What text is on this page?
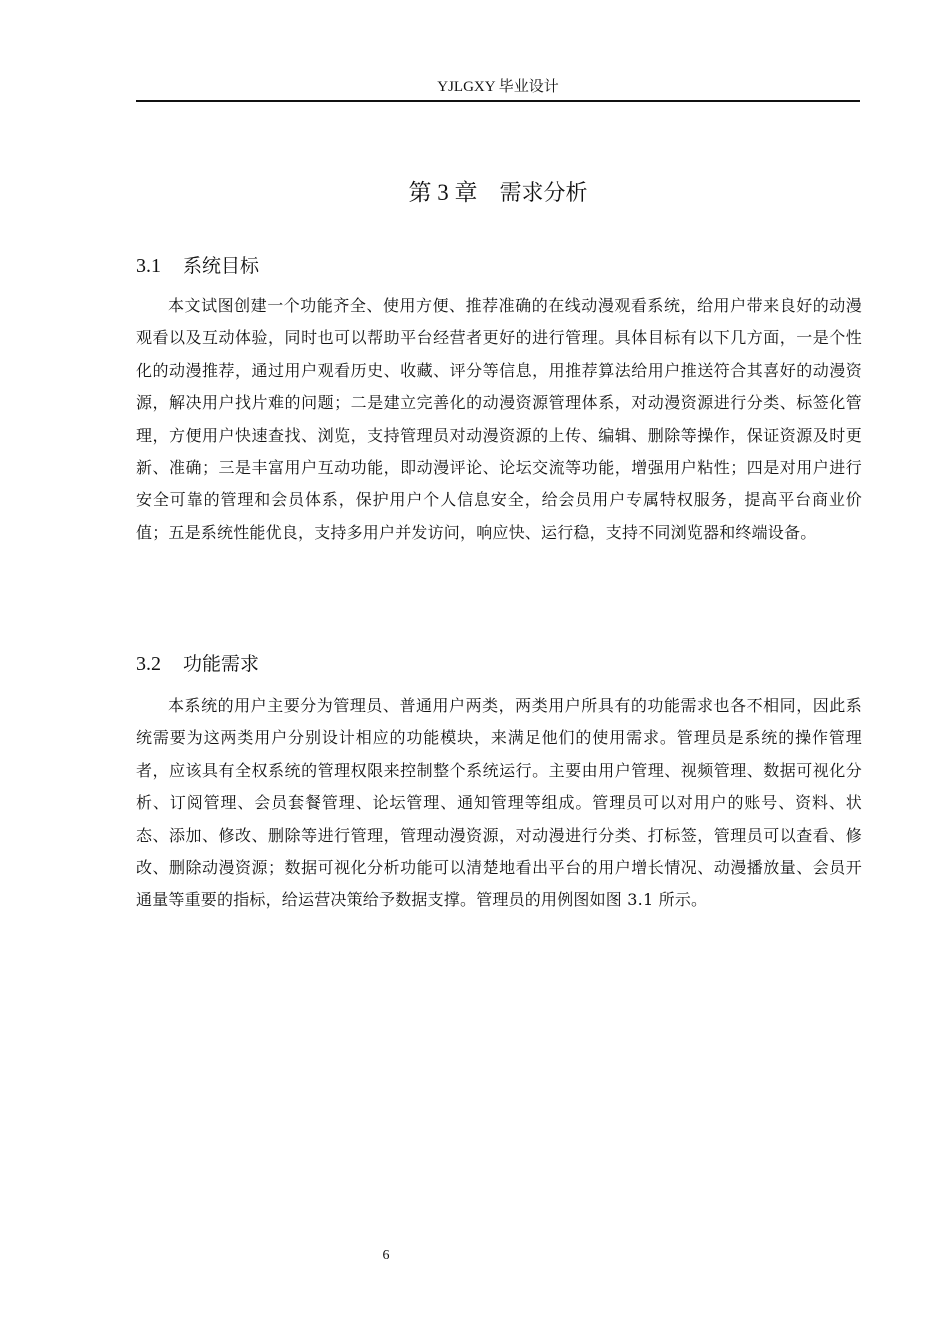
YJLGXY 毕业设计
第 3 章 需求分析
3.1 系统目标
本文试图创建一个功能齐全、使用方便、推荐准确的在线动漫观看系统，给用户带来良好的动漫观看以及互动体验，同时也可以帮助平台经营者更好的进行管理。具体目标有以下几方面，一是个性化的动漫推荐，通过用户观看历史、收藏、评分等信息，用推荐算法给用户推送符合其喜好的动漫资源，解决用户找片难的问题；二是建立完善化的动漫资源管理体系，对动漫资源进行分类、标签化管理，方便用户快速查找、浏览，支持管理员对动漫资源的上传、编辑、删除等操作，保证资源及时更新、准确；三是丰富用户互动功能，即动漫评论、论坛交流等功能，增强用户粘性；四是对用户进行安全可靠的管理和会员体系，保护用户个人信息安全，给会员用户专属特权服务，提高平台商业价值；五是系统性能优良，支持多用户并发访问，响应快、运行稳，支持不同浏览器和终端设备。
3.2 功能需求
本系统的用户主要分为管理员、普通用户两类，两类用户所具有的功能需求也各不相同，因此系统需要为这两类用户分别设计相应的功能模块，来满足他们的使用需求。管理员是系统的操作管理者，应该具有全权系统的管理权限来控制整个系统运行。主要由用户管理、视频管理、数据可视化分析、订阅管理、会员套餐管理、论坛管理、通知管理等组成。管理员可以对用户的账号、资料、状态、添加、修改、删除等进行管理，管理动漫资源，对动漫进行分类、打标签，管理员可以查看、修改、删除动漫资源；数据可视化分析功能可以清楚地看出平台的用户增长情况、动漫播放量、会员开通量等重要的指标，给运营决策给予数据支撑。管理员的用例图如图 3.1 所示。
6
